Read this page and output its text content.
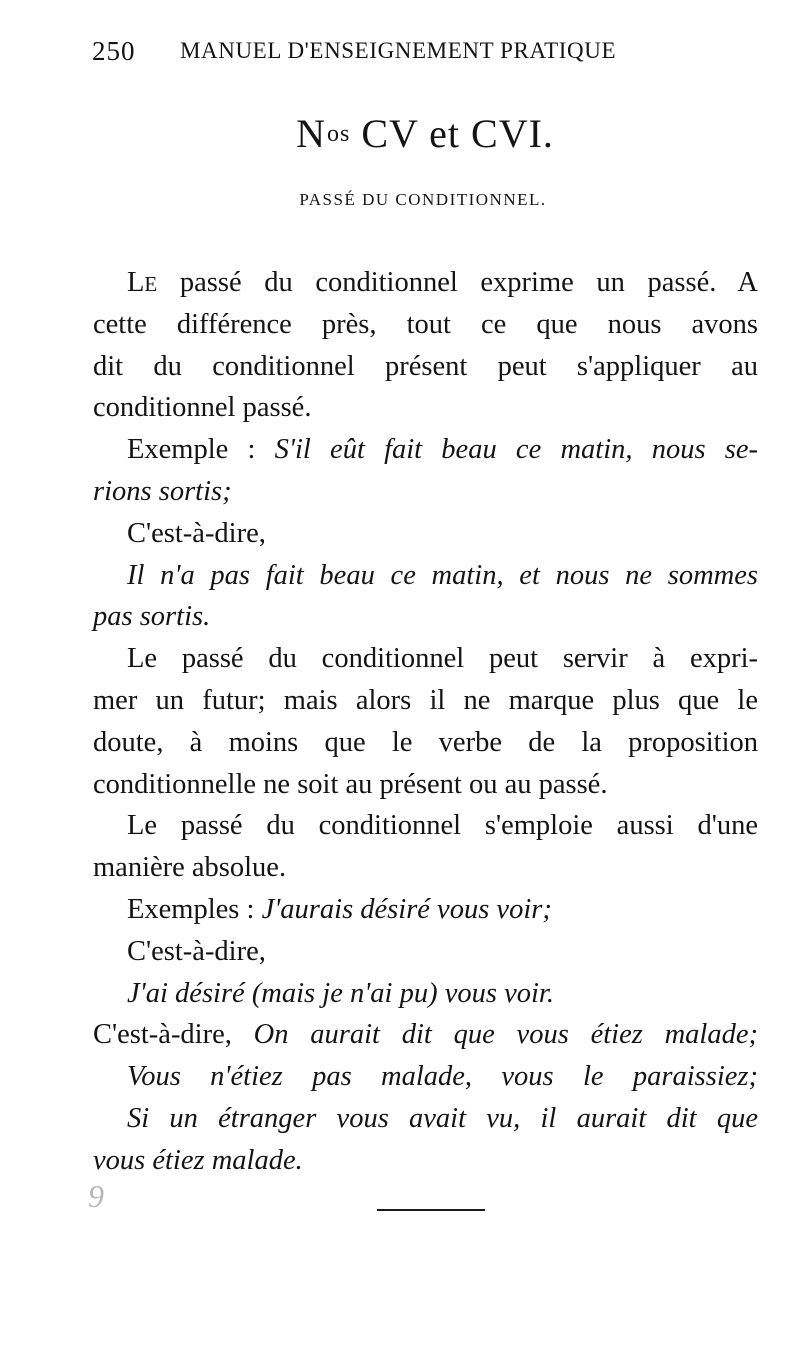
250 MANUEL D'ENSEIGNEMENT PRATIQUE
$N^{os}$ CV et CVI.
PASSÉ DU CONDITIONNEL.
LE passé du conditionnel exprime un passé. A
cette différence près, tout ce que nous avons
dit du conditionnel présent peut s'appliquer au
conditionnel passé.
Exemple : S'il eût fait beau ce matin, nous se-
rions sortis;
C'est-à-dire,
Il n'a pas fait beau ce matin, et nous ne sommes
pas sortis.
Le passé du conditionnel peut servir à expri-
mer un futur; mais alors il ne marque plus que le
doute, à moins que le verbe de la proposition
conditionnelle ne soit au présent ou au passé.
Le passé du conditionnel s'emploie aussi d'une
manière absolue.
Exemples : J'aurais désiré vous voir;
C'est-à-dire,
J'ai désiré (mais je n'ai pu) vous voir.
C'est-à-dire, On aurait dit que vous étiez malade;
Vous n'étiez pas malade, vous le paraissiez;
Si un étranger vous avait vu, il aurait dit que
vous étiez malade.
9
